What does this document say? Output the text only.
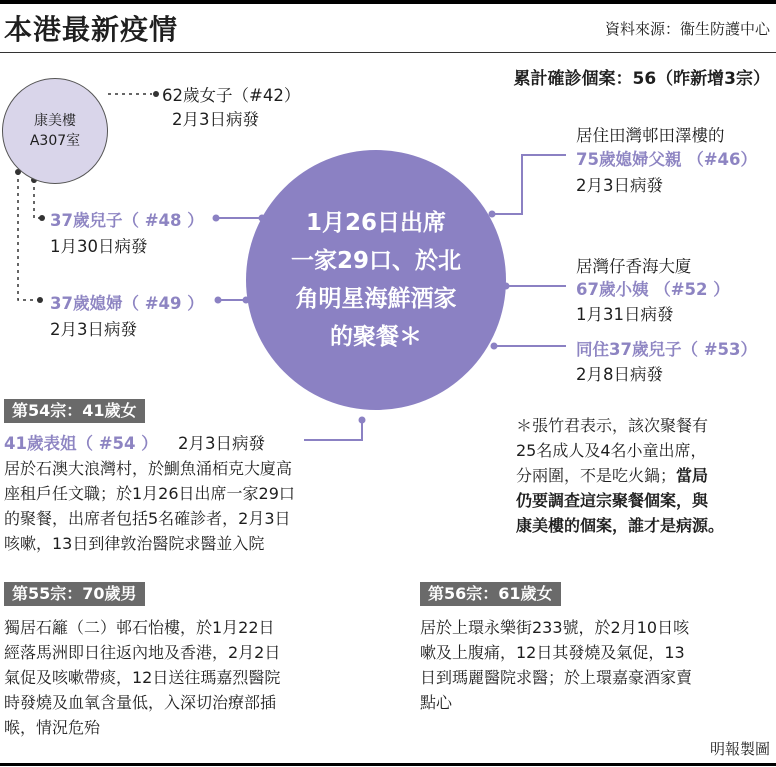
本港最新疫情	資料來源：衞生防護中心
累計確診個案：56（昨新增3宗）
康美樓
A307室
62歲女子（#42）
2月3日病發
37歲兒子（ #48 ）
1月30日病發
37歲媳婦（ #49 ）
2月3日病發
1月26日出席
一家29口、於北
角明星海鮮酒家
的聚餐＊
居住田灣邨田澤樓的
75歲媳婦父親 （#46）
2月3日病發
居灣仔香海大廈
67歲小姨 （#52 ）
1月31日病發
同住37歲兒子（ #53）
2月8日病發
第54宗：41歲女
41歲表姐（ #54 ） 2月3日病發
居於石澳大浪灣村，於鰂魚涌栢克大廈高
座租戶任文職；於1月26日出席一家29口
的聚餐，出席者包括5名確診者，2月3日
咳嗽，13日到律敦治醫院求醫並入院
＊張竹君表示，該次聚餐有
25名成人及4名小童出席，
分兩圍，不是吃火鍋；當局
仍要調查這宗聚餐個案，與
康美樓的個案，誰才是病源。
第55宗：70歲男
獨居石籬（二）邨石怡樓，於1月22日
經落馬洲即日往返內地及香港，2月2日
氣促及咳嗽帶痰，12日送往瑪嘉烈醫院
時發燒及血氧含量低，入深切治療部插
喉，情況危殆
第56宗：61歲女
居於上環永樂街233號，於2月10日咳
嗽及上腹痛，12日其發燒及氣促，13
日到瑪麗醫院求醫；於上環嘉豪酒家賣
點心
明報製圖
